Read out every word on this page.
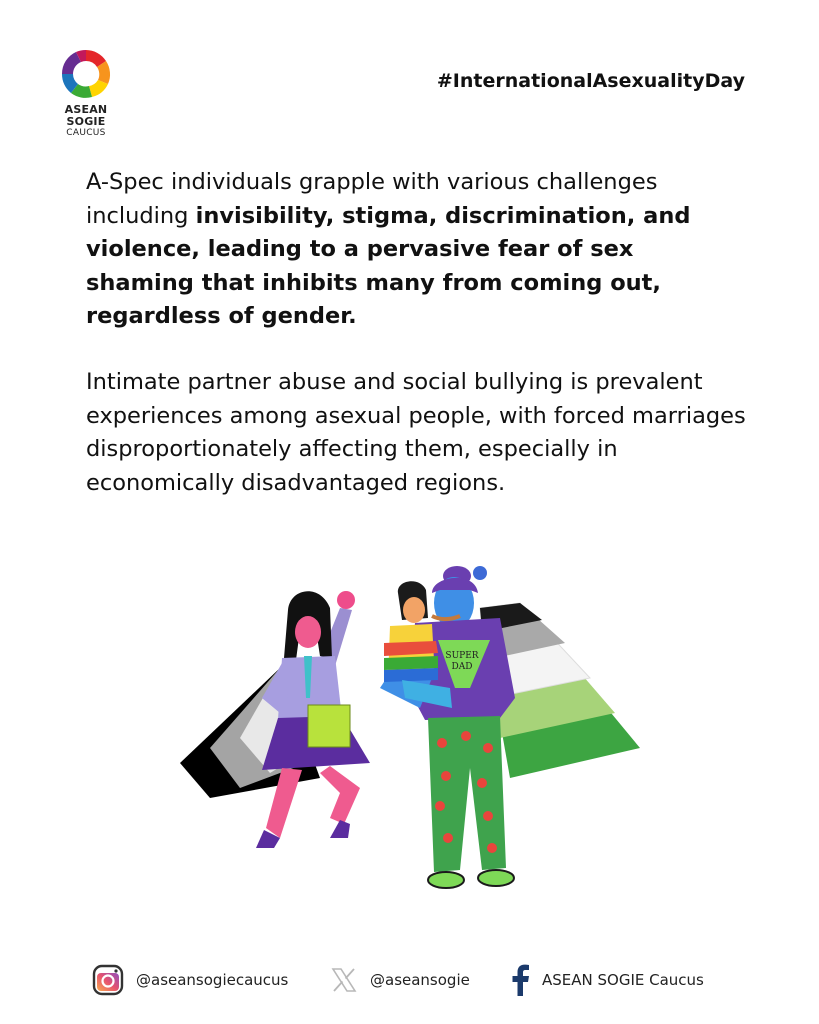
ASEAN SOGIE
CAUCUS
#InternationalAsexualityDay

A-Spec individuals grapple with various challenges including invisibility, stigma, discrimination, and violence, leading to a pervasive fear of sex shaming that inhibits many from coming out, regardless of gender.

Intimate partner abuse and social bullying is prevalent experiences among asexual people, with forced marriages disproportionately affecting them, especially in economically disadvantaged regions.

SUPER
DAD
@aseansogiecaucus	@aseansogie	ASEAN SOGIE Caucus
